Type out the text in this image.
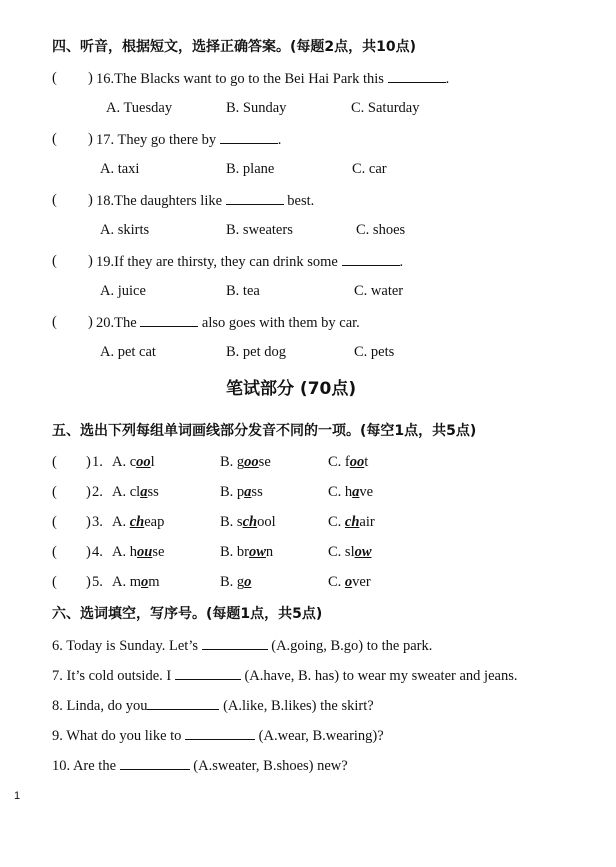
四、听音，根据短文，选择正确答案。(每题2点，共10点)
(	16.The Blacks want to go to the Bei Hai Park this	.
)
A. Tuesday	B. Sunday	C. Saturday
( ) 17. They go there by	.
A. taxi	B. plane	C. car
( ) 18.The daughters like	best.
A. skirts	B. sweaters	C. shoes
( ) 19.If they are thirsty, they can drink some	.
A. juice	B. tea	C. water
( ) 20.The	also goes with them by car.
A. pet cat	B. pet dog	C. pets
笔试部分 (70点)
五、选出下列每组单词画线部分发音不同的一项。(每空1点，共5点)
( ) 1. A. cool	B. goose	C. foot
( ) 2. A. class	B. pass	C. have
( ) 3. A. cheap	B. school	C. chair
( ) 4. A. house	B. brown	C. slow
( ) 5. A. mom	B. go	C. over
六、选词填空，写序号。(每题1点，共5点)
6. Today is Sunday. Let’s	(A.going, B.go) to the park.
7. It’s cold outside. I	(A.have, B. has) to wear my sweater and jeans.
8. Linda, do you	(A.like, B.likes) the skirt?
9. What do you like to	(A.wear, B.wearing)?
10. Are the	(A.sweater, B.shoes) new?
1
